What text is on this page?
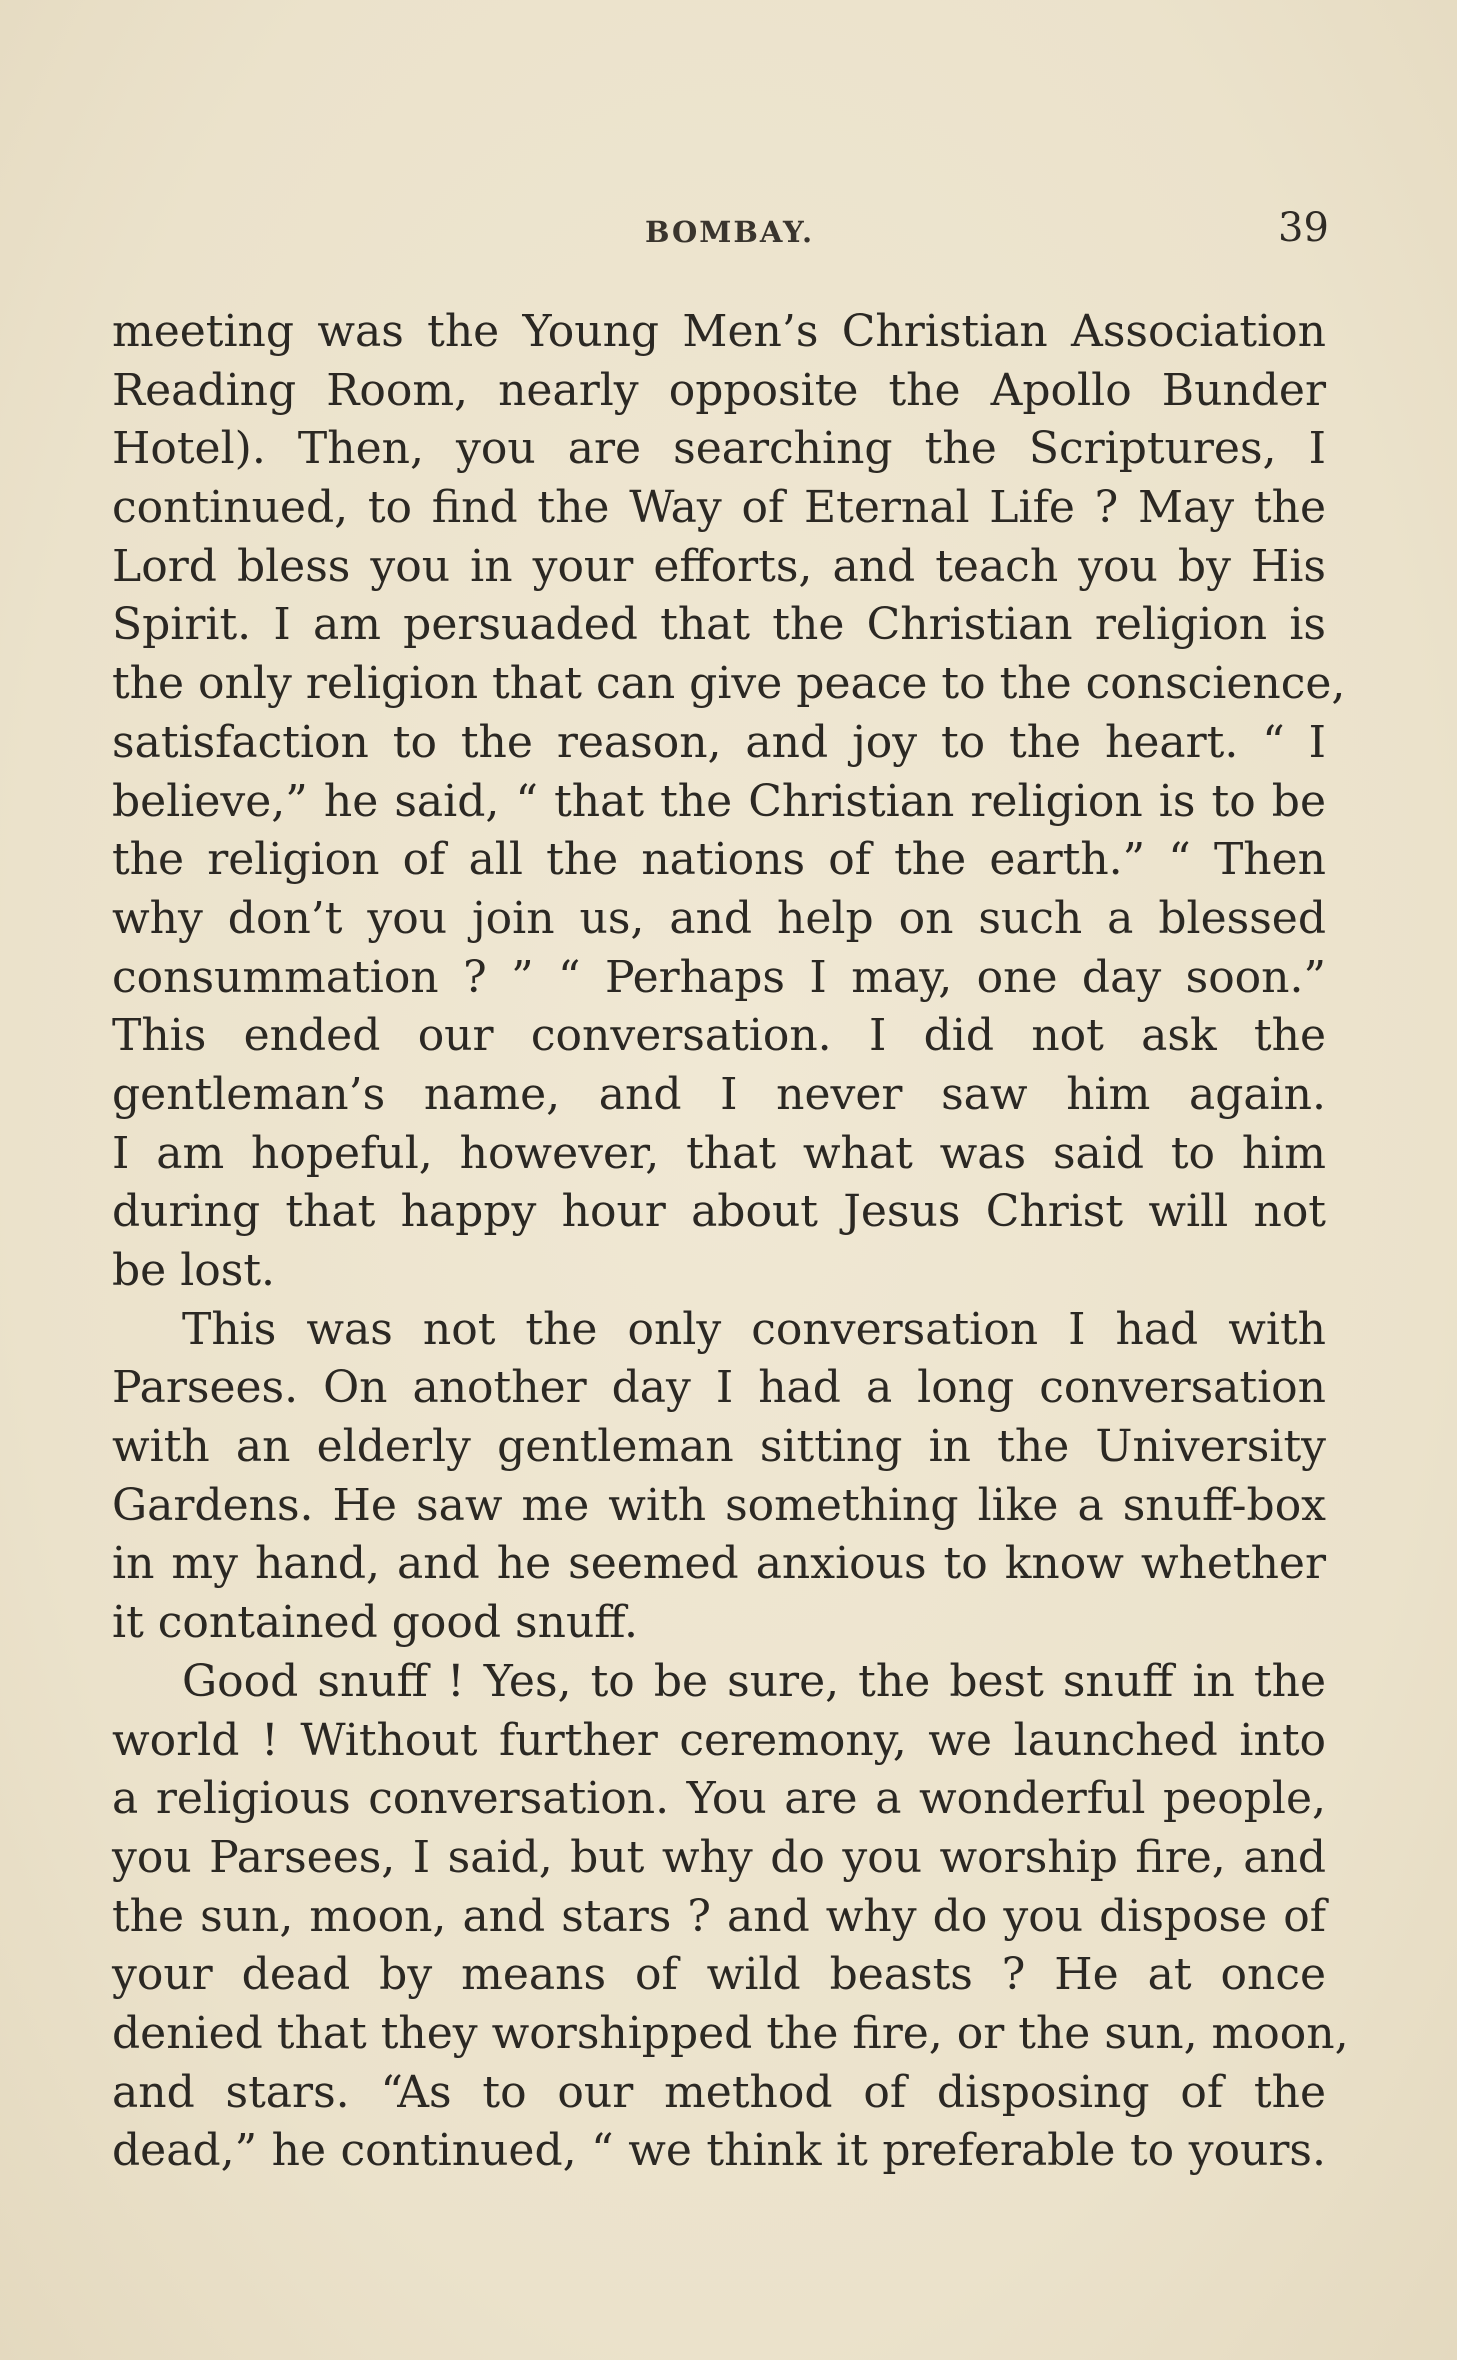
BOMBAY.	39
meeting was the Young Men’s Christian Association
Reading Room, nearly opposite the Apollo Bunder
Hotel). Then, you are searching the Scriptures, I
continued, to find the Way of Eternal Life ? May the
Lord bless you in your efforts, and teach you by His
Spirit. I am persuaded that the Christian religion is
the only religion that can give peace to the conscience,
satisfaction to the reason, and joy to the heart. “ I
believe,” he said, “ that the Christian religion is to be
the religion of all the nations of the earth.” “ Then
why don’t you join us, and help on such a blessed
consummation ? ” “ Perhaps I may, one day soon.”
This ended our conversation. I did not ask the
gentleman’s name, and I never saw him again.
I am hopeful, however, that what was said to him
during that happy hour about Jesus Christ will not
be lost.
This was not the only conversation I had with
Parsees. On another day I had a long conversation
with an elderly gentleman sitting in the University
Gardens. He saw me with something like a snuff-box
in my hand, and he seemed anxious to know whether
it contained good snuff.
Good snuff ! Yes, to be sure, the best snuff in the
world ! Without further ceremony, we launched into
a religious conversation. You are a wonderful people,
you Parsees, I said, but why do you worship fire, and
the sun, moon, and stars ? and why do you dispose of
your dead by means of wild beasts ? He at once
denied that they worshipped the fire, or the sun, moon,
and stars. “As to our method of disposing of the
dead,” he continued, “ we think it preferable to yours.
